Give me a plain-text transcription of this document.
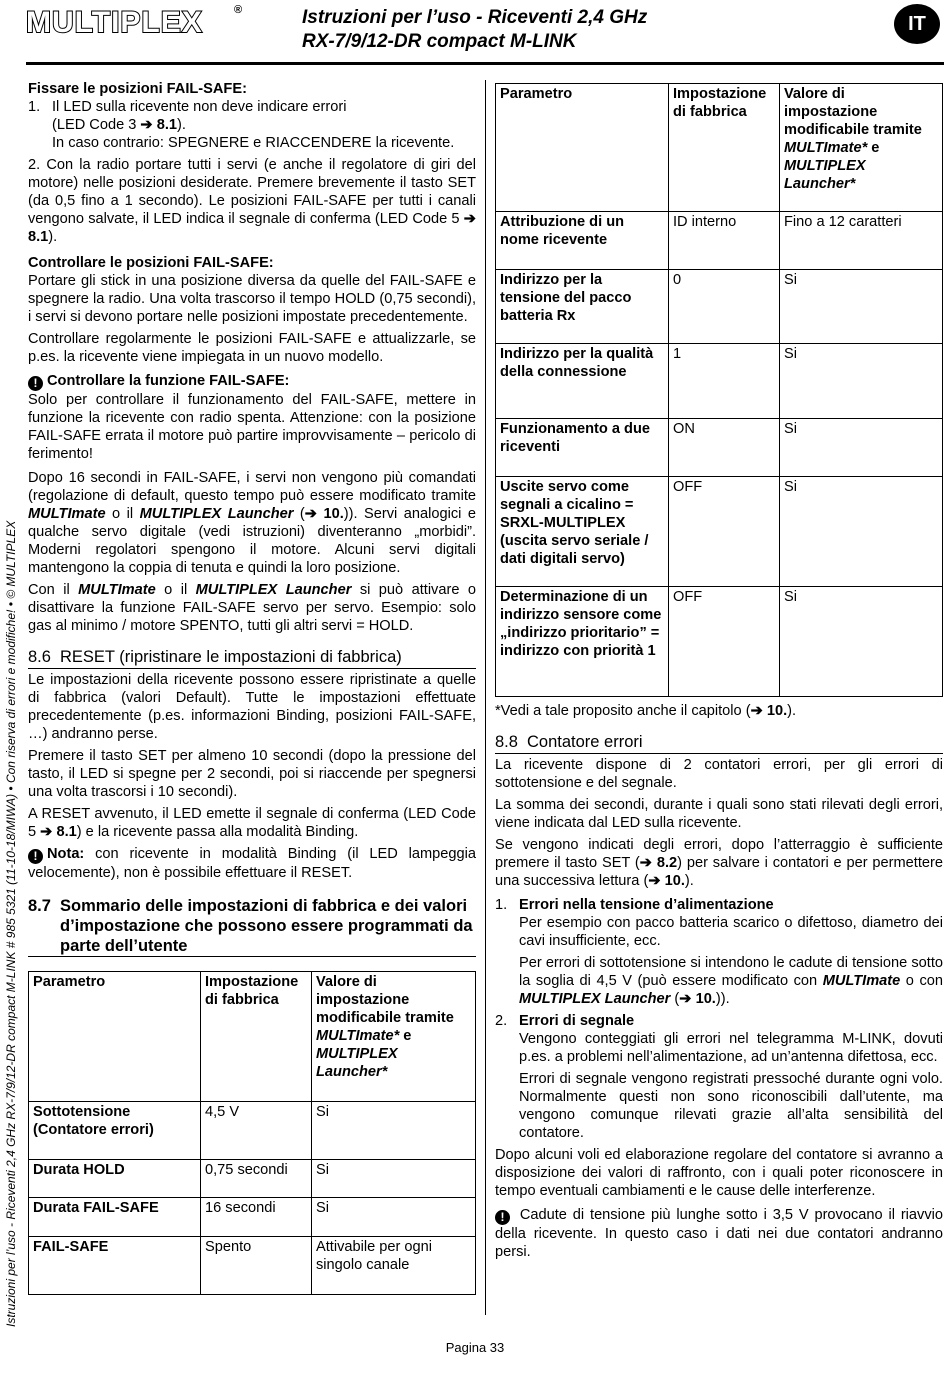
MULTIPLEX	®	Istruzioni per l’uso - Riceventi 2,4 GHz
RX-7/9/12-DR compact M-LINK
IT
Istruzioni per l’uso - Riceventi 2,4 GHz RX-7/9/12-DR compact M-LINK # 985 5321 (11-10-18/MIWA) • Con riserva di errori e modifiche! • © MULTIPLEX
Fissare le posizioni FAIL-SAFE:
1. Il LED sulla ricevente non deve indicare errori
(LED Code 3 ➔ 8.1).
In caso contrario: SPEGNERE e RIACCENDERE la ricevente.
2. Con la radio portare tutti i servi (e anche il regolatore di giri del motore) nelle posizioni desiderate. Premere brevemente il tasto SET (da 0,5 fino a 1 secondo). Le posizioni FAIL-SAFE per tutti i canali vengono salvate, il LED indica il segnale di conferma (LED Code 5 ➔ 8.1).
Controllare le posizioni FAIL-SAFE:

Portare gli stick in una posizione diversa da quelle del FAIL-SAFE e spegnere la radio. Una volta trascorso il tempo HOLD (0,75 secondi), i servi si devono portare nelle posizioni impostate precedentemente.

Controllare regolarmente le posizioni FAIL-SAFE e attualizzarle, se p.es. la ricevente viene impiegata in un nuovo modello.

! Controllare la funzione FAIL-SAFE:

Solo per controllare il funzionamento del FAIL-SAFE, mettere in funzione la ricevente con radio spenta. Attenzione: con la posizione FAIL-SAFE errata il motore può partire improvvisamente – pericolo di ferimento!

Dopo 16 secondi in FAIL-SAFE, i servi non vengono più comandati (regolazione di default, questo tempo può essere modificato tramite MULTImate o il MULTIPLEX Launcher (➔ 10.)). Servi analogici e qualche servo digitale (vedi istruzioni) diventeranno „morbidi”. Moderni regolatori spengono il motore. Alcuni servi digitali mantengono la coppia di tenuta e quindi la loro posizione.

Con il MULTImate o il MULTIPLEX Launcher si può attivare o disattivare la funzione FAIL-SAFE servo per servo. Esempio: solo gas al minimo / motore SPENTO, tutti gli altri servi = HOLD.

8.6 RESET (ripristinare le impostazioni di fabbrica)

Le impostazioni della ricevente possono essere ripristinate a quelle di fabbrica (valori Default). Tutte le impostazioni effettuate precedentemente (p.es. informazioni Binding, posizioni FAIL-SAFE, …) andranno perse.

Premere il tasto SET per almeno 10 secondi (dopo la pressione del tasto, il LED si spegne per 2 secondi, poi si riaccende per spegnersi una volta trascorsi i 10 secondi).

A RESET avvenuto, il LED emette il segnale di conferma (LED Code 5 ➔ 8.1) e la ricevente passa alla modalità Binding.

! Nota: con ricevente in modalità Binding (il LED lampeggia velocemente), non è possibile effettuare il RESET.

8.7 Sommario delle impostazioni di fabbrica e dei valori d’impostazione che possono essere programmati da parte dell’utente
Parametro	Impostazione di fabbrica	Valore di impostazione modificabile tramite MULTImate* e MULTIPLEX Launcher*
Sottotensione (Contatore errori)	4,5 V	Si
Durata HOLD	0,75 secondi	Si
Durata FAIL-SAFE	16 secondi	Si
FAIL-SAFE	Spento	Attivabile per ogni singolo canale
Parametro	Impostazione di fabbrica	Valore di impostazione modificabile tramite MULTImate* e MULTIPLEX Launcher*
Attribuzione di un nome ricevente	ID interno	Fino a 12 caratteri
Indirizzo per la tensione del pacco batteria Rx	0	Si
Indirizzo per la qualità della connessione	1	Si
Funzionamento a due riceventi	ON	Si
Uscite servo come segnali a cicalino = SRXL-MULTIPLEX (uscita servo seriale / dati digitali servo)	OFF	Si
Determinazione di un indirizzo sensore come „indirizzo prioritario” = indirizzo con priorità 1	OFF	Si

*Vedi a tale proposito anche il capitolo (➔ 10.).

8.8 Contatore errori

La ricevente dispone di 2 contatori errori, per gli errori di sottotensione e del segnale.

La somma dei secondi, durante i quali sono stati rilevati degli errori, viene indicata dal LED sulla ricevente.

Se vengono indicati degli errori, dopo l’atterraggio è sufficiente premere il tasto SET (➔ 8.2) per salvare i contatori e per permettere una successiva lettura (➔ 10.).

1. Errori nella tensione d’alimentazione

Per esempio con pacco batteria scarico o difettoso, diametro dei cavi insufficiente, ecc.

Per errori di sottotensione si intendono le cadute di tensione sotto la soglia di 4,5 V (può essere modificato con MULTImate o con MULTIPLEX Launcher (➔ 10.)).

2. Errori di segnale

Vengono conteggiati gli errori nel telegramma M-LINK, dovuti p.es. a problemi nell’alimentazione, ad un’antenna difettosa, ecc.

Errori di segnale vengono registrati pressoché durante ogni volo. Normalmente questi non sono riconoscibili dall’utente, ma vengono comunque rilevati grazie all’alta sensibilità del contatore.

Dopo alcuni voli ed elaborazione regolare del contatore si avranno a disposizione dei valori di raffronto, con i quali poter riconoscere in tempo eventuali cambiamenti e le cause delle interferenze.

! Cadute di tensione più lunghe sotto i 3,5 V provocano il riavvio della ricevente. In questo caso i dati nei due contatori andranno persi.

Pagina 33
